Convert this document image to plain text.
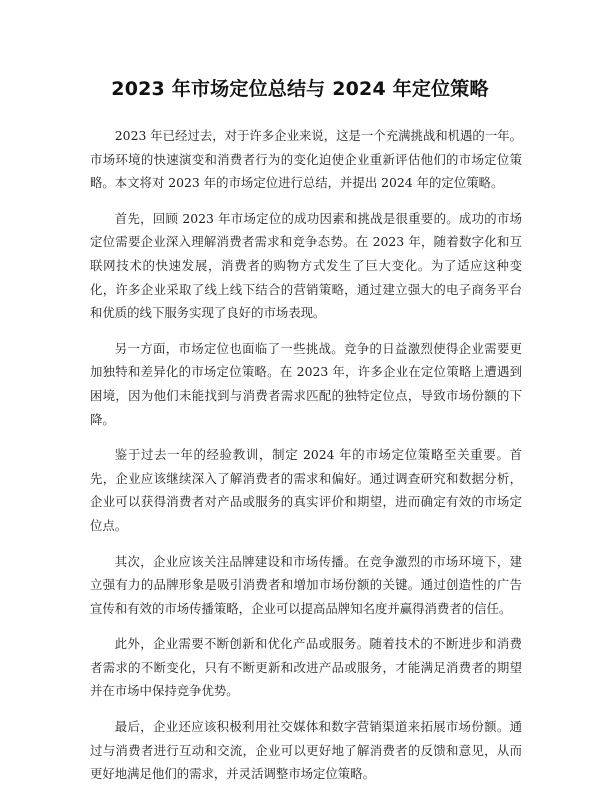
2023 年市场定位总结与 2024 年定位策略

2023 年已经过去，对于许多企业来说，这是一个充满挑战和机遇的一年。市场环境的快速演变和消费者行为的变化迫使企业重新评估他们的市场定位策略。本文将对 2023 年的市场定位进行总结，并提出 2024 年的定位策略。

首先，回顾 2023 年市场定位的成功因素和挑战是很重要的。成功的市场定位需要企业深入理解消费者需求和竞争态势。在 2023 年，随着数字化和互联网技术的快速发展，消费者的购物方式发生了巨大变化。为了适应这种变化，许多企业采取了线上线下结合的营销策略，通过建立强大的电子商务平台和优质的线下服务实现了良好的市场表现。

另一方面，市场定位也面临了一些挑战。竞争的日益激烈使得企业需要更加独特和差异化的市场定位策略。在 2023 年，许多企业在定位策略上遭遇到困境，因为他们未能找到与消费者需求匹配的独特定位点，导致市场份额的下降。

鉴于过去一年的经验教训，制定 2024 年的市场定位策略至关重要。首先，企业应该继续深入了解消费者的需求和偏好。通过调查研究和数据分析，企业可以获得消费者对产品或服务的真实评价和期望，进而确定有效的市场定位点。

其次，企业应该关注品牌建设和市场传播。在竞争激烈的市场环境下，建立强有力的品牌形象是吸引消费者和增加市场份额的关键。通过创造性的广告宣传和有效的市场传播策略，企业可以提高品牌知名度并赢得消费者的信任。

此外，企业需要不断创新和优化产品或服务。随着技术的不断进步和消费者需求的不断变化，只有不断更新和改进产品或服务，才能满足消费者的期望并在市场中保持竞争优势。

最后，企业还应该积极利用社交媒体和数字营销渠道来拓展市场份额。通过与消费者进行互动和交流，企业可以更好地了解消费者的反馈和意见，从而更好地满足他们的需求，并灵活调整市场定位策略。
